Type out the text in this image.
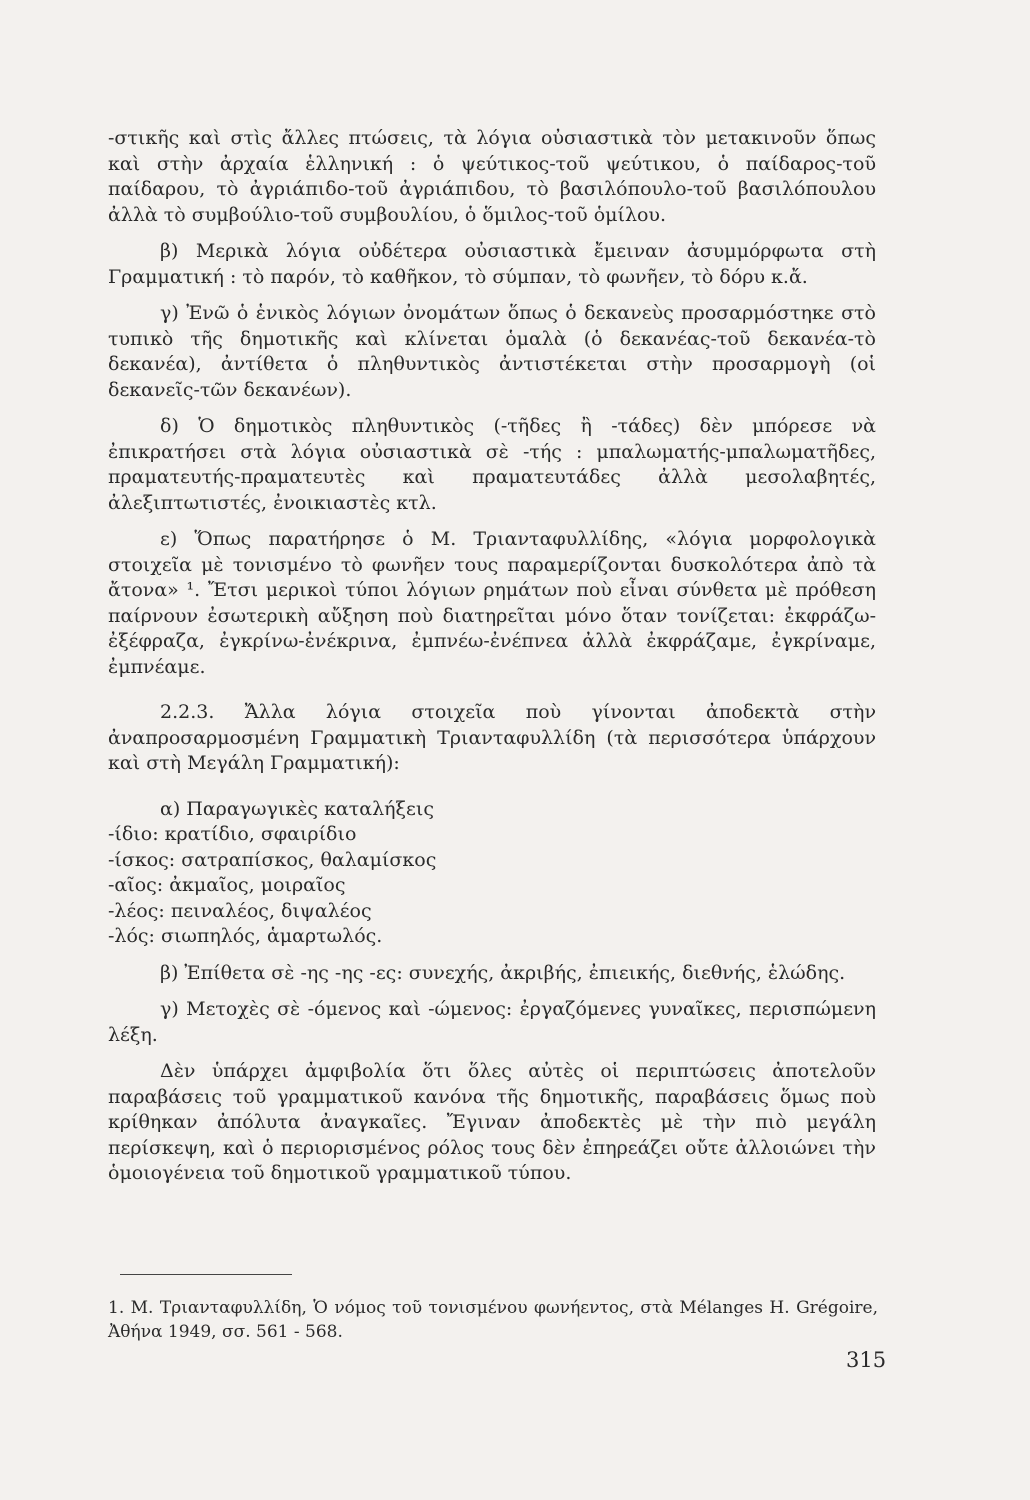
-στικῆς καὶ στὶς ἄλλες πτώσεις, τὰ λόγια οὐσιαστικὰ τὸν μετακινοῦν ὅπως καὶ στὴν ἀρχαία ἑλληνική : ὁ ψεύτικος-τοῦ ψεύτικου, ὁ παίδαρος-τοῦ παίδαρου, τὸ ἀγριάπιδο-τοῦ ἀγριάπιδου, τὸ βασιλόπουλο-τοῦ βασιλόπουλου ἀλλὰ τὸ συμβούλιο-τοῦ συμβουλίου, ὁ ὅμιλος-τοῦ ὁμίλου.

β) Μερικὰ λόγια οὐδέτερα οὐσιαστικὰ ἔμειναν ἀσυμμόρφωτα στὴ Γραμματική : τὸ παρόν, τὸ καθῆκον, τὸ σύμπαν, τὸ φωνῆεν, τὸ δόρυ κ.ἄ.

γ) Ἐνῶ ὁ ἑνικὸς λόγιων ὀνομάτων ὅπως ὁ δεκανεὺς προσαρμόστηκε στὸ τυπικὸ τῆς δημοτικῆς καὶ κλίνεται ὁμαλὰ (ὁ δεκανέας-τοῦ δεκανέα-τὸ δεκανέα), ἀντίθετα ὁ πληθυντικὸς ἀντιστέκεται στὴν προσαρμογὴ (οἱ δεκανεῖς-τῶν δεκανέων).

δ) Ὁ δημοτικὸς πληθυντικὸς (-τῆδες ἢ -τάδες) δὲν μπόρεσε νὰ ἐπικρατήσει στὰ λόγια οὐσιαστικὰ σὲ -τής : μπαλωματής-μπαλωματῆδες, πραματευτής-πραματευτὲς καὶ πραματευτάδες ἀλλὰ μεσολαβητές, ἀλεξιπτωτιστές, ἐνοικιαστὲς κτλ.

ε) Ὅπως παρατήρησε ὁ Μ. Τριανταφυλλίδης, «λόγια μορφολογικὰ στοιχεῖα μὲ τονισμένο τὸ φωνῆεν τους παραμερίζονται δυσκολότερα ἀπὸ τὰ ἄτονα» ¹. Ἔτσι μερικοὶ τύποι λόγιων ρημάτων ποὺ εἶναι σύνθετα μὲ πρόθεση παίρνουν ἐσωτερικὴ αὔξηση ποὺ διατηρεῖται μόνο ὅταν τονίζεται: ἐκφράζω-ἐξέφραζα, ἐγκρίνω-ἐνέκρινα, ἐμπνέω-ἐνέπνεα ἀλλὰ ἐκφράζαμε, ἐγκρίναμε, ἐμπνέαμε.

2.2.3. Ἄλλα λόγια στοιχεῖα ποὺ γίνονται ἀποδεκτὰ στὴν ἀναπροσαρμοσμένη Γραμματικὴ Τριανταφυλλίδη (τὰ περισσότερα ὑπάρχουν καὶ στὴ Μεγάλη Γραμματική):

α) Παραγωγικὲς καταλήξεις

-ίδιο: κρατίδιο, σφαιρίδιο
-ίσκος: σατραπίσκος, θαλαμίσκος
-αῖος: ἀκμαῖος, μοιραῖος
-λέος: πειναλέος, διψαλέος
-λός: σιωπηλός, ἁμαρτωλός.

β) Ἐπίθετα σὲ -ης -ης -ες: συνεχής, ἀκριβής, ἐπιεικής, διεθνής, ἑλώδης.

γ) Μετοχὲς σὲ -όμενος καὶ -ώμενος: ἐργαζόμενες γυναῖκες, περισπώμενη λέξη.

Δὲν ὑπάρχει ἀμφιβολία ὅτι ὅλες αὐτὲς οἱ περιπτώσεις ἀποτελοῦν παραβάσεις τοῦ γραμματικοῦ κανόνα τῆς δημοτικῆς, παραβάσεις ὅμως ποὺ κρίθηκαν ἀπόλυτα ἀναγκαῖες. Ἔγιναν ἀποδεκτὲς μὲ τὴν πιὸ μεγάλη περίσκεψη, καὶ ὁ περιορισμένος ρόλος τους δὲν ἐπηρεάζει οὔτε ἀλλοιώνει τὴν ὁμοιογένεια τοῦ δημοτικοῦ γραμματικοῦ τύπου.

1. Μ. Τριανταφυλλίδη, Ὁ νόμος τοῦ τονισμένου φωνήεντος, στὰ Mélanges H. Grégoire, Ἀθήνα 1949, σσ. 561 - 568.

315
